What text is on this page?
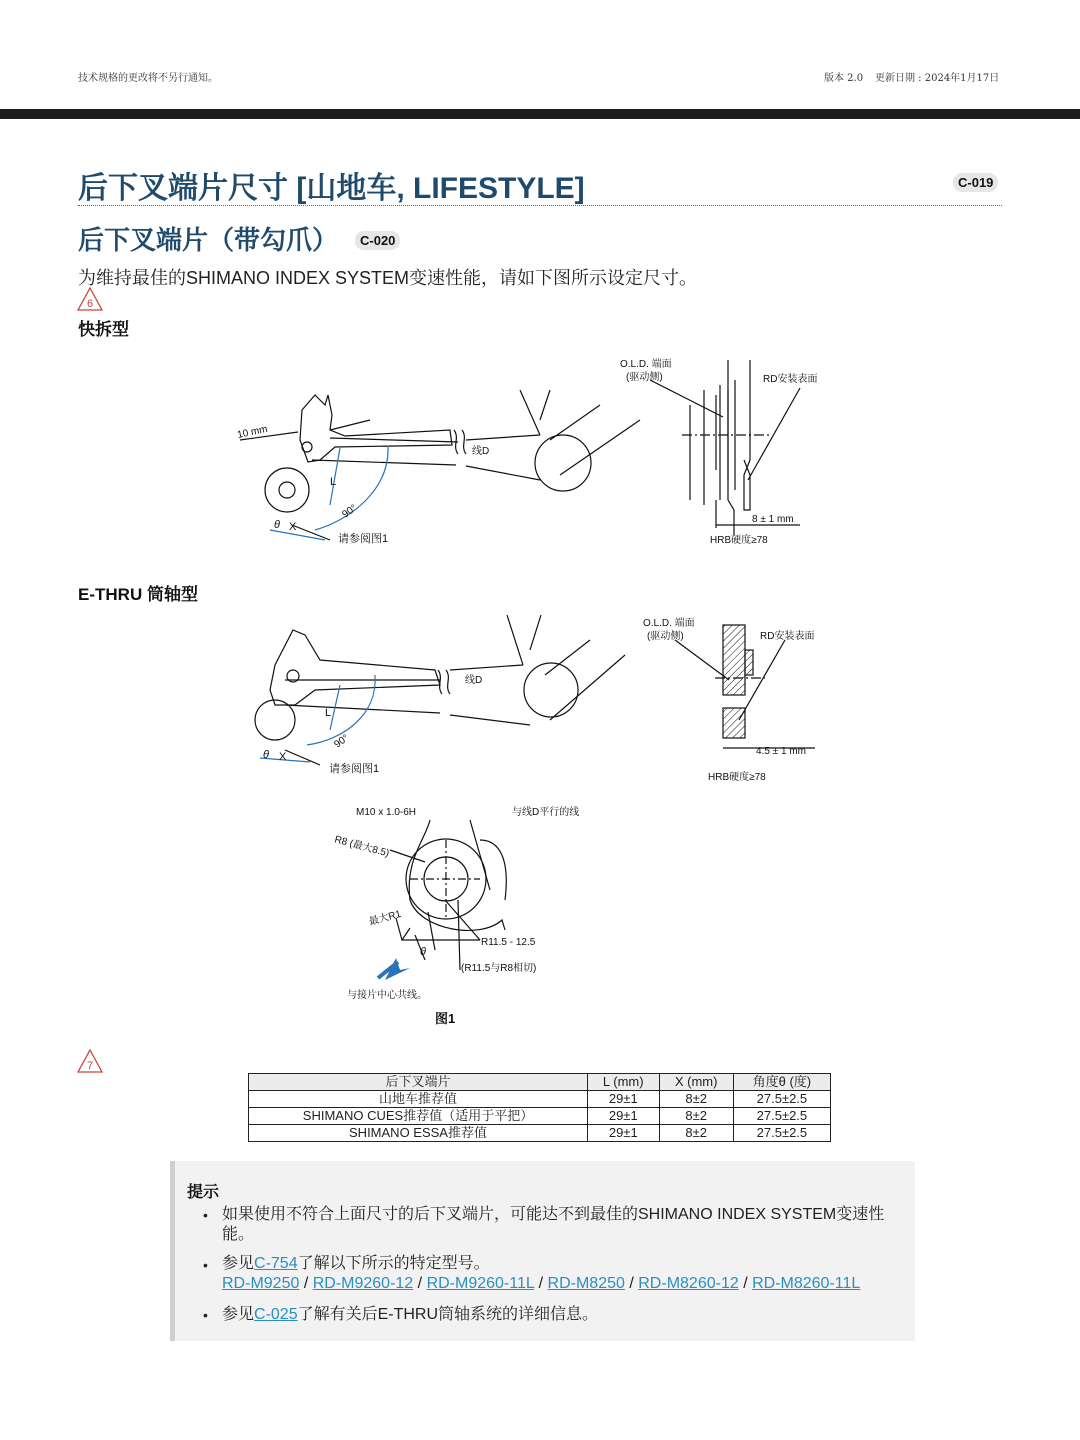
技术规格的更改将不另行通知。	版本 2.0 更新日期 : 2024年1月17日
后下叉端片尺寸 [山地车, LIFESTYLE]	C-019
后下叉端片（带勾爪）	C-020
为维持最佳的SHIMANO INDEX SYSTEM变速性能，请如下图所示设定尺寸。
6
快拆型
10 mm
L
90°
θ X
请参阅图1
线D
O.L.D. 端面
(驱动侧)	RD安装表面
8 ± 1 mm
HRB硬度≥78
E-THRU 筒轴型
L
90°
θ X
请参阅图1
线D
O.L.D. 端面
(驱动侧)	RD安装表面
4.5 ± 1 mm
HRB硬度≥78
M10 x 1.0-6H	与线D平行的线
R8 (最大8.5)
最大R1
θ
R11.5 - 12.5
(R11.5与R8相切)
与接片中心共线。
图1
7
后下叉端片	L (mm)	X (mm)	角度θ (度)
山地车推荐值	29±1	8±2	27.5±2.5
SHIMANO CUES推荐值（适用于平把）	29±1	8±2	27.5±2.5
SHIMANO ESSA推荐值	29±1	8±2	27.5±2.5
提示
• 如果使用不符合上面尺寸的后下叉端片，可能达不到最佳的SHIMANO INDEX SYSTEM变速性能。
• 参见C-754了解以下所示的特定型号。
RD-M9250 / RD-M9260-12 / RD-M9260-11L / RD-M8250 / RD-M8260-12 / RD-M8260-11L
• 参见C-025了解有关后E-THRU筒轴系统的详细信息。
